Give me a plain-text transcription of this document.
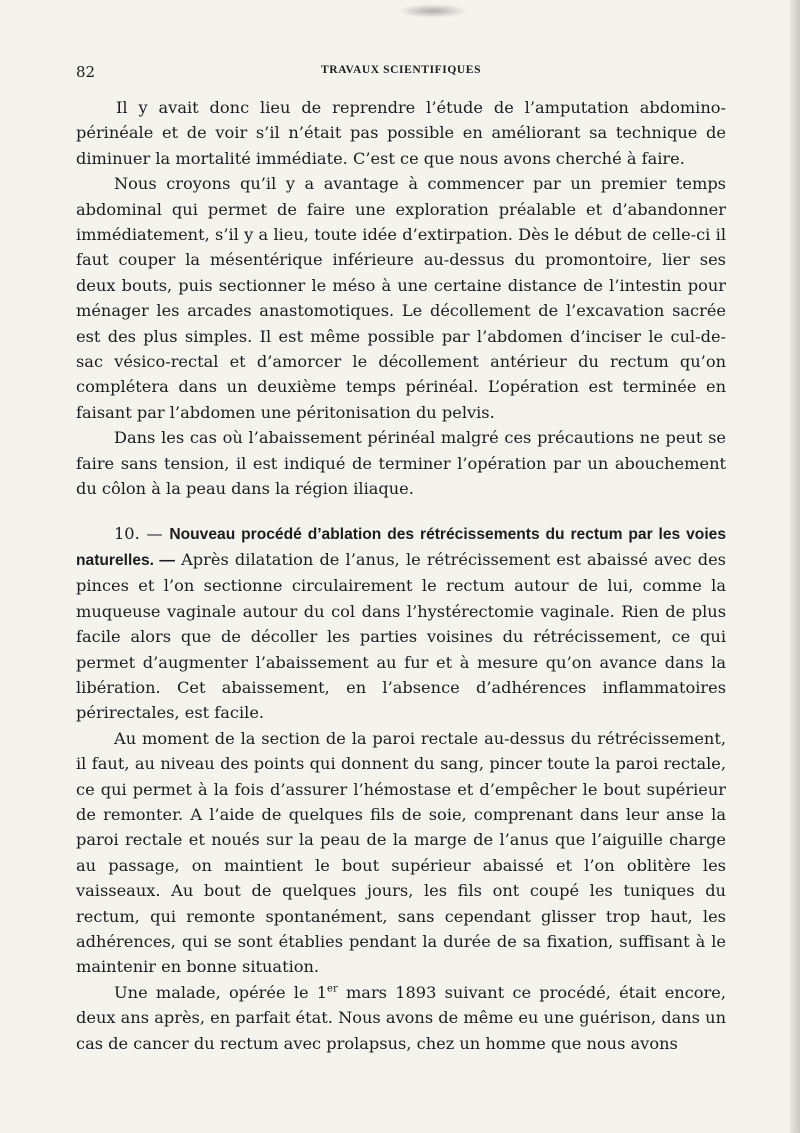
82	TRAVAUX SCIENTIFIQUES

Il y avait donc lieu de reprendre l’étude de l’amputation abdomino-périnéale et de voir s’il n’était pas possible en améliorant sa technique de diminuer la mortalité immédiate. C’est ce que nous avons cherché à faire.

Nous croyons qu’il y a avantage à commencer par un premier temps abdominal qui permet de faire une exploration préalable et d’abandonner immédiatement, s’il y a lieu, toute idée d’extirpation. Dès le début de celle-ci il faut couper la mésentérique inférieure au-dessus du promontoire, lier ses deux bouts, puis sectionner le méso à une certaine distance de l’intestin pour ménager les arcades anastomotiques. Le décollement de l’excavation sacrée est des plus simples. Il est même possible par l’abdomen d’inciser le cul-de-sac vésico-rectal et d’amorcer le décollement antérieur du rectum qu’on complétera dans un deuxième temps périnéal. L’opération est terminée en faisant par l’abdomen une péritonisation du pelvis.

Dans les cas où l’abaissement périnéal malgré ces précautions ne peut se faire sans tension, il est indiqué de terminer l’opération par un abouchement du côlon à la peau dans la région iliaque.

10. — Nouveau procédé d’ablation des rétrécissements du rectum par les voies naturelles. — Après dilatation de l’anus, le rétrécissement est abaissé avec des pinces et l’on sectionne circulairement le rectum autour de lui, comme la muqueuse vaginale autour du col dans l’hystérectomie vaginale. Rien de plus facile alors que de décoller les parties voisines du rétrécissement, ce qui permet d’augmenter l’abaissement au fur et à mesure qu’on avance dans la libération. Cet abaissement, en l’absence d’adhérences inflammatoires périrectales, est facile.

Au moment de la section de la paroi rectale au-dessus du rétrécissement, il faut, au niveau des points qui donnent du sang, pincer toute la paroi rectale, ce qui permet à la fois d’assurer l’hémostase et d’empêcher le bout supérieur de remonter. A l’aide de quelques fils de soie, comprenant dans leur anse la paroi rectale et noués sur la peau de la marge de l’anus que l’aiguille charge au passage, on maintient le bout supérieur abaissé et l’on oblitère les vaisseaux. Au bout de quelques jours, les fils ont coupé les tuniques du rectum, qui remonte spontanément, sans cependant glisser trop haut, les adhérences, qui se sont établies pendant la durée de sa fixation, suffisant à le maintenir en bonne situation.

Une malade, opérée le 1er mars 1893 suivant ce procédé, était encore, deux ans après, en parfait état. Nous avons de même eu une guérison, dans un cas de cancer du rectum avec prolapsus, chez un homme que nous avons
